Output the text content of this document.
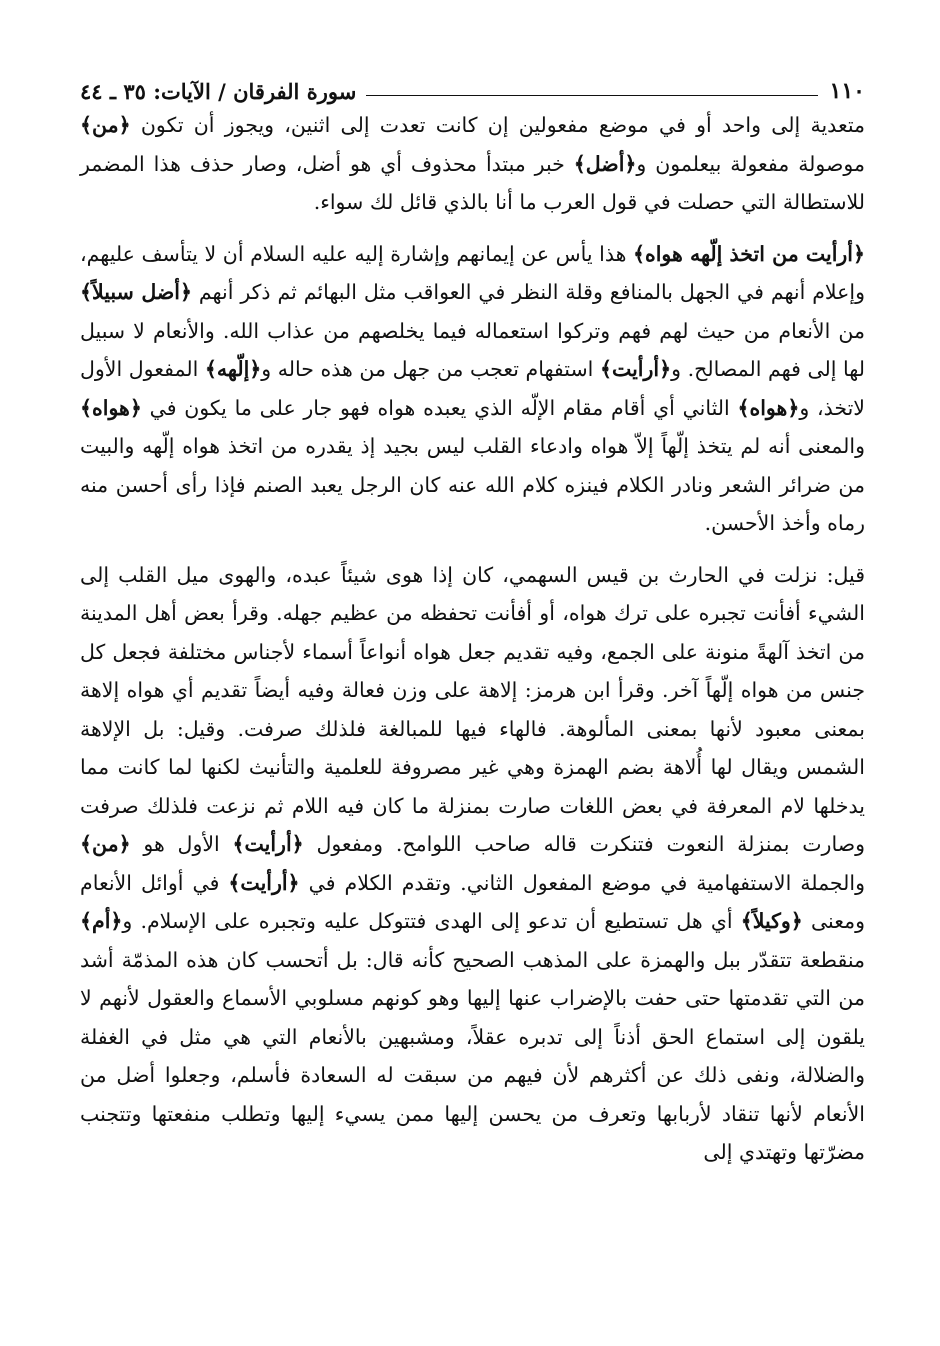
١١٠
سورة الفرقان / الآيات: ٣٥ ـ ٤٤

متعدية إلى واحد أو في موضع مفعولين إن كانت تعدت إلى اثنين، ويجوز أن تكون ﴿من﴾ موصولة مفعولة بيعلمون و﴿أضل﴾ خبر مبتدأ محذوف أي هو أضل، وصار حذف هذا المضمر للاستطالة التي حصلت في قول العرب ما أنا بالذي قائل لك سواء.

﴿أرأيت من اتخذ إلّهه هواه﴾ هذا يأس عن إيمانهم وإشارة إليه عليه السلام أن لا يتأسف عليهم، وإعلام أنهم في الجهل بالمنافع وقلة النظر في العواقب مثل البهائم ثم ذكر أنهم ﴿أضل سبيلاً﴾ من الأنعام من حيث لهم فهم وتركوا استعماله فيما يخلصهم من عذاب الله. والأنعام لا سبيل لها إلى فهم المصالح. و﴿أرأيت﴾ استفهام تعجب من جهل من هذه حاله و﴿إلّهه﴾ المفعول الأول لاتخذ، و﴿هواه﴾ الثاني أي أقام مقام الإلّه الذي يعبده هواه فهو جار على ما يكون في ﴿هواه﴾ والمعنى أنه لم يتخذ إلّهاً إلاّ هواه وادعاء القلب ليس بجيد إذ يقدره من اتخذ هواه إلّهه والبيت من ضرائر الشعر ونادر الكلام فينزه كلام الله عنه كان الرجل يعبد الصنم فإذا رأى أحسن منه رماه وأخذ الأحسن.

قيل: نزلت في الحارث بن قيس السهمي، كان إذا هوى شيئاً عبده، والهوى ميل القلب إلى الشيء أفأنت تجبره على ترك هواه، أو أفأنت تحفظه من عظيم جهله. وقرأ بعض أهل المدينة من اتخذ آلهةً منونة على الجمع، وفيه تقديم جعل هواه أنواعاً أسماء لأجناس مختلفة فجعل كل جنس من هواه إلّهاً آخر. وقرأ ابن هرمز: إلاهة على وزن فعالة وفيه أيضاً تقديم أي هواه إلاهة بمعنى معبود لأنها بمعنى المألوهة. فالهاء فيها للمبالغة فلذلك صرفت. وقيل: بل الإلاهة الشمس ويقال لها أُلاهة بضم الهمزة وهي غير مصروفة للعلمية والتأنيث لكنها لما كانت مما يدخلها لام المعرفة في بعض اللغات صارت بمنزلة ما كان فيه اللام ثم نزعت فلذلك صرفت وصارت بمنزلة النعوت فتنكرت قاله صاحب اللوامح. ومفعول ﴿أرأيت﴾ الأول هو ﴿من﴾ والجملة الاستفهامية في موضع المفعول الثاني. وتقدم الكلام في ﴿أرأيت﴾ في أوائل الأنعام ومعنى ﴿وكيلاً﴾ أي هل تستطيع أن تدعو إلى الهدى فتتوكل عليه وتجبره على الإسلام. و﴿أم﴾ منقطعة تتقدّر ببل والهمزة على المذهب الصحيح كأنه قال: بل أتحسب كان هذه المذمّة أشد من التي تقدمتها حتى حفت بالإضراب عنها إليها وهو كونهم مسلوبي الأسماع والعقول لأنهم لا يلقون إلى استماع الحق أذناً إلى تدبره عقلاً، ومشبهين بالأنعام التي هي مثل في الغفلة والضلالة، ونفى ذلك عن أكثرهم لأن فيهم من سبقت له السعادة فأسلم، وجعلوا أضل من الأنعام لأنها تنقاد لأربابها وتعرف من يحسن إليها ممن يسيء إليها وتطلب منفعتها وتتجنب مضرّتها وتهتدي إلى
